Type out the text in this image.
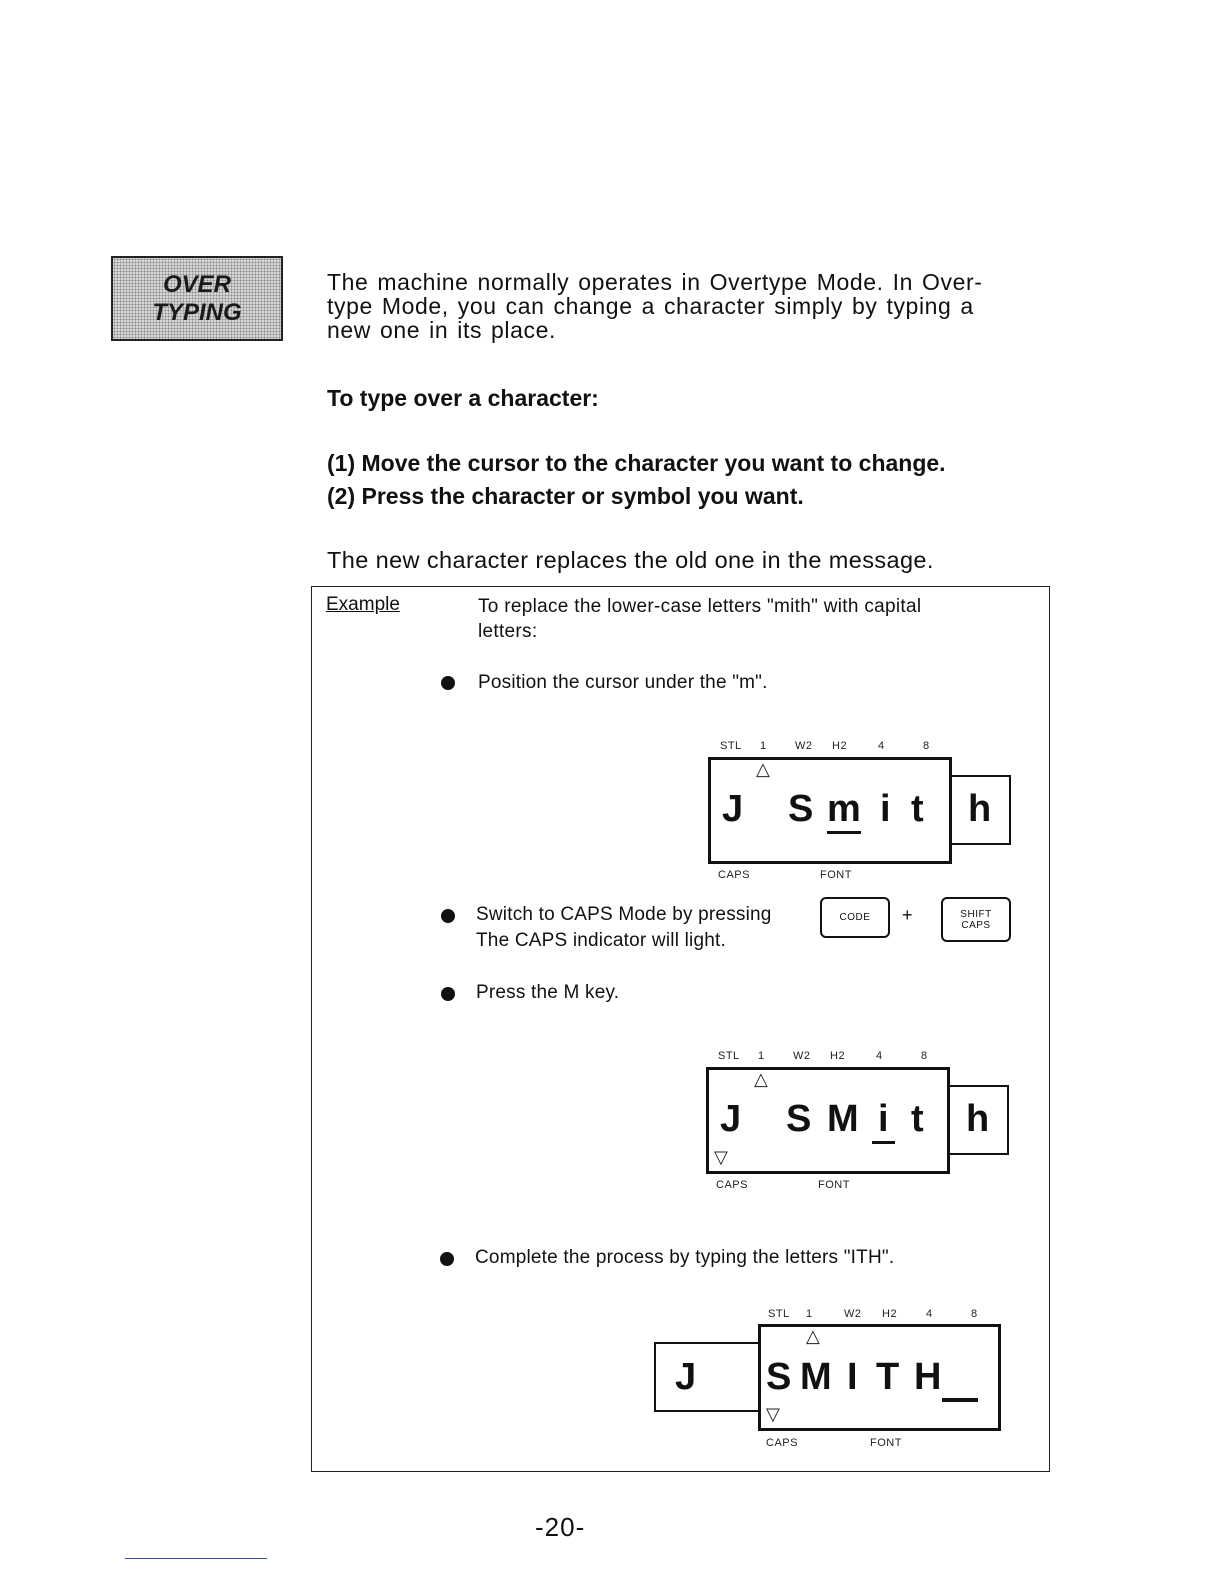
OVER
TYPING
The machine normally operates in Overtype Mode. In Over-
type Mode, you can change a character simply by typing a
new one in its place.
To type over a character:
(1) Move the cursor to the character you want to change.
(2) Press the character or symbol you want.
The new character replaces the old one in the message.
Example	To replace the lower-case letters "mith" with capital
letters:
Position the cursor under the "m".
STL 1	W2 H2	4	8
h
△
J S m i t
CAPS	FONT
Switch to CAPS Mode by pressing
The CAPS indicator will light.
CODE +	SHIFT
CAPS
Press the M key.
STL 1	W2 H2	4	8
h
△
J S M i t
▽
CAPS	FONT
Complete the process by typing the letters "ITH".
STL 1	W2 H2	4	8
J
△
S M I T H
▽
CAPS	FONT
-20-
